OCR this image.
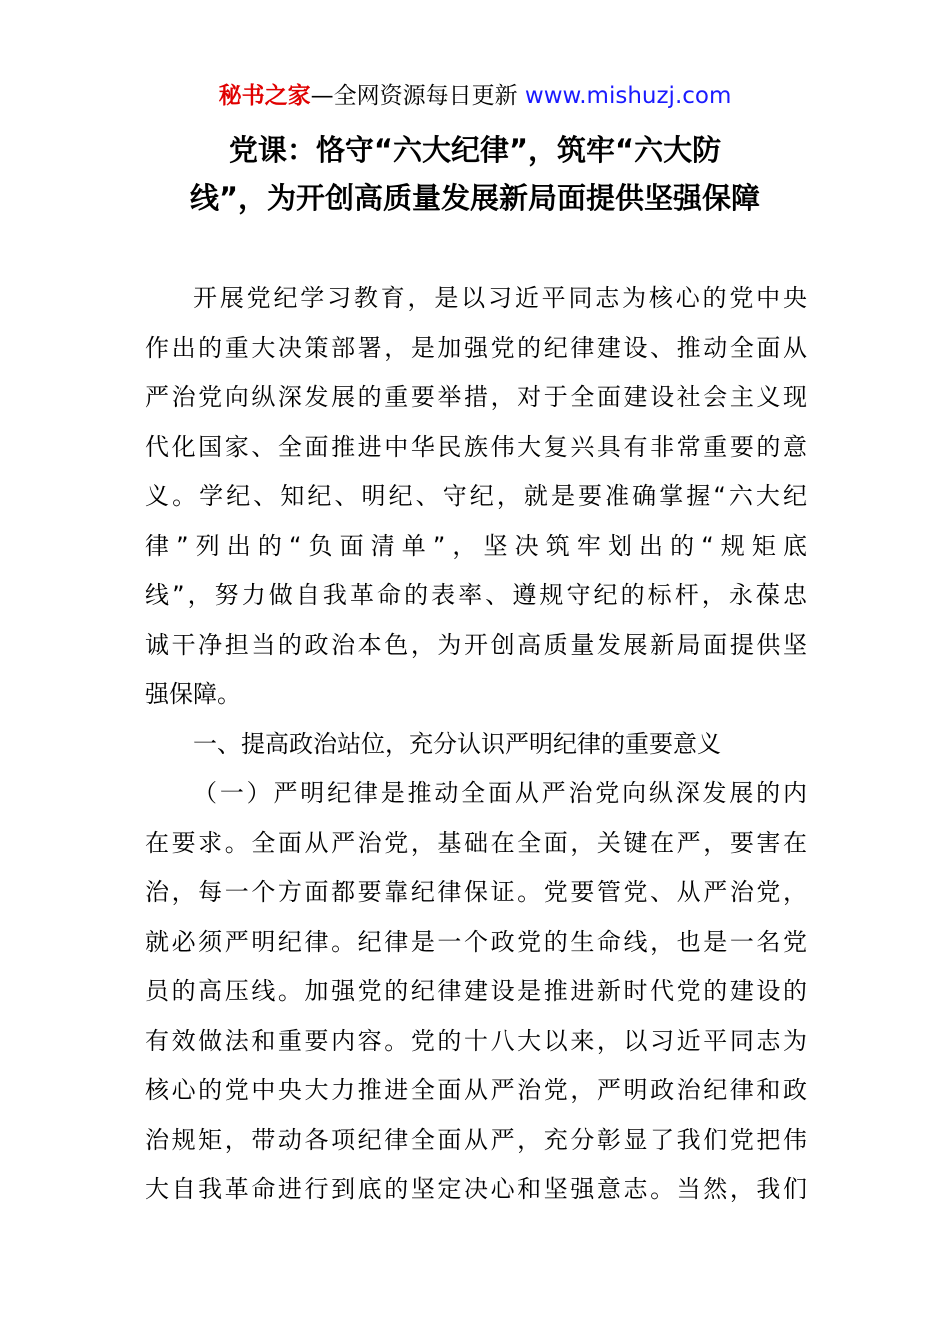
秘书之家—全网资源每日更新 www.mishuzj.com
党课：恪守“六大纪律”，筑牢“六大防
线”，为开创高质量发展新局面提供坚强保障
开展党纪学习教育，是以习近平同志为核心的党中央
作出的重大决策部署，是加强党的纪律建设、推动全面从
严治党向纵深发展的重要举措，对于全面建设社会主义现
代化国家、全面推进中华民族伟大复兴具有非常重要的意
义。学纪、知纪、明纪、守纪，就是要准确掌握“六大纪
律”列出的“负面清单”，坚决筑牢划出的“规矩底
线”，努力做自我革命的表率、遵规守纪的标杆，永葆忠
诚干净担当的政治本色，为开创高质量发展新局面提供坚
强保障。
一、提高政治站位，充分认识严明纪律的重要意义
（一）严明纪律是推动全面从严治党向纵深发展的内
在要求。全面从严治党，基础在全面，关键在严，要害在
治，每一个方面都要靠纪律保证。党要管党、从严治党，
就必须严明纪律。纪律是一个政党的生命线，也是一名党
员的高压线。加强党的纪律建设是推进新时代党的建设的
有效做法和重要内容。党的十八大以来，以习近平同志为
核心的党中央大力推进全面从严治党，严明政治纪律和政
治规矩，带动各项纪律全面从严，充分彰显了我们党把伟
大自我革命进行到底的坚定决心和坚强意志。当然，我们
